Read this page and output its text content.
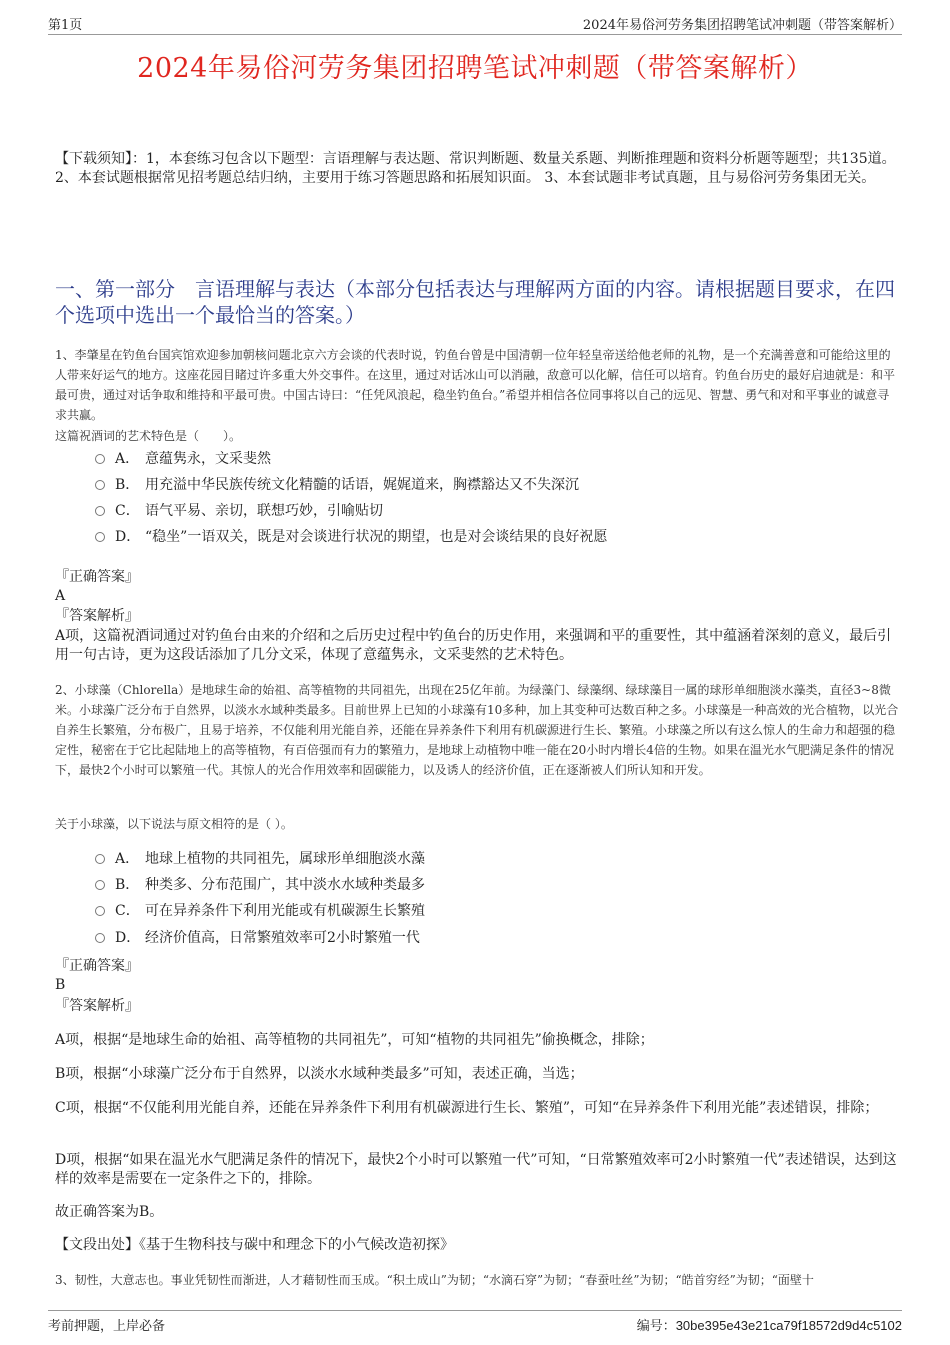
第1页	2024年易俗河劳务集团招聘笔试冲刺题（带答案解析）
2024年易俗河劳务集团招聘笔试冲刺题（带答案解析）
【下载须知】：1，本套练习包含以下题型：言语理解与表达题、常识判断题、数量关系题、判断推理题和资料分析题等题型；共135道。 2、本套试题根据常见招考题总结归纳，主要用于练习答题思路和拓展知识面。 3、本套试题非考试真题，且与易俗河劳务集团无关。
一、第一部分　言语理解与表达（本部分包括表达与理解两方面的内容。请根据题目要求，在四个选项中选出一个最恰当的答案。）
1、李肇星在钓鱼台国宾馆欢迎参加朝核问题北京六方会谈的代表时说，钓鱼台曾是中国清朝一位年轻皇帝送给他老师的礼物，是一个充满善意和可能给这里的人带来好运气的地方。这座花园目睹过许多重大外交事件。在这里，通过对话冰山可以消融，敌意可以化解，信任可以培育。钓鱼台历史的最好启迪就是：和平最可贵，通过对话争取和维持和平最可贵。中国古诗曰：“任凭风浪起，稳坐钓鱼台。”希望并相信各位同事将以自己的远见、智慧、勇气和对和平事业的诚意寻求共赢。
这篇祝酒词的艺术特色是（　　）。
A． 意蕴隽永，文采斐然
B． 用充溢中华民族传统文化精髓的话语，娓娓道来，胸襟豁达又不失深沉
C． 语气平易、亲切，联想巧妙，引喻贴切
D． “稳坐”一语双关，既是对会谈进行状况的期望，也是对会谈结果的良好祝愿
『正确答案』
A
『答案解析』
A项，这篇祝酒词通过对钓鱼台由来的介绍和之后历史过程中钓鱼台的历史作用，来强调和平的重要性，其中蕴涵着深刻的意义，最后引用一句古诗，更为这段话添加了几分文采，体现了意蕴隽永，文采斐然的艺术特色。
2、小球藻（Chlorella）是地球生命的始祖、高等植物的共同祖先，出现在25亿年前。为绿藻门、绿藻纲、绿球藻目一属的球形单细胞淡水藻类，直径3~8微米。小球藻广泛分布于自然界，以淡水水域种类最多。目前世界上已知的小球藻有10多种，加上其变种可达数百种之多。小球藻是一种高效的光合植物，以光合自养生长繁殖，分布极广，且易于培养，不仅能利用光能自养，还能在异养条件下利用有机碳源进行生长、繁殖。小球藻之所以有这么惊人的生命力和超强的稳定性，秘密在于它比起陆地上的高等植物，有百倍强而有力的繁殖力，是地球上动植物中唯一能在20小时内增长4倍的生物。如果在温光水气肥满足条件的情况下，最快2个小时可以繁殖一代。其惊人的光合作用效率和固碳能力，以及诱人的经济价值，正在逐渐被人们所认知和开发。
关于小球藻，以下说法与原文相符的是（ ）。
A． 地球上植物的共同祖先，属球形单细胞淡水藻
B． 种类多、分布范围广，其中淡水水域种类最多
C． 可在异养条件下利用光能或有机碳源生长繁殖
D． 经济价值高，日常繁殖效率可2小时繁殖一代
『正确答案』
B
『答案解析』
A项，根据“是地球生命的始祖、高等植物的共同祖先”，可知“植物的共同祖先”偷换概念，排除；
B项，根据“小球藻广泛分布于自然界，以淡水水域种类最多”可知，表述正确，当选；
C项，根据“不仅能利用光能自养，还能在异养条件下利用有机碳源进行生长、繁殖”，可知“在异养条件下利用光能”表述错误，排除；
D项，根据“如果在温光水气肥满足条件的情况下，最快2个小时可以繁殖一代”可知，“日常繁殖效率可2小时繁殖一代”表述错误，达到这样的效率是需要在一定条件之下的，排除。
故正确答案为B。
【文段出处】《基于生物科技与碳中和理念下的小气候改造初探》
3、韧性，大意志也。事业凭韧性而渐进，人才藉韧性而玉成。“积土成山”为韧；“水滴石穿”为韧；“春蚕吐丝”为韧；“皓首穷经”为韧；“面壁十
考前押题，上岸必备	编号：30be395e43e21ca79f18572d9d4c5102
